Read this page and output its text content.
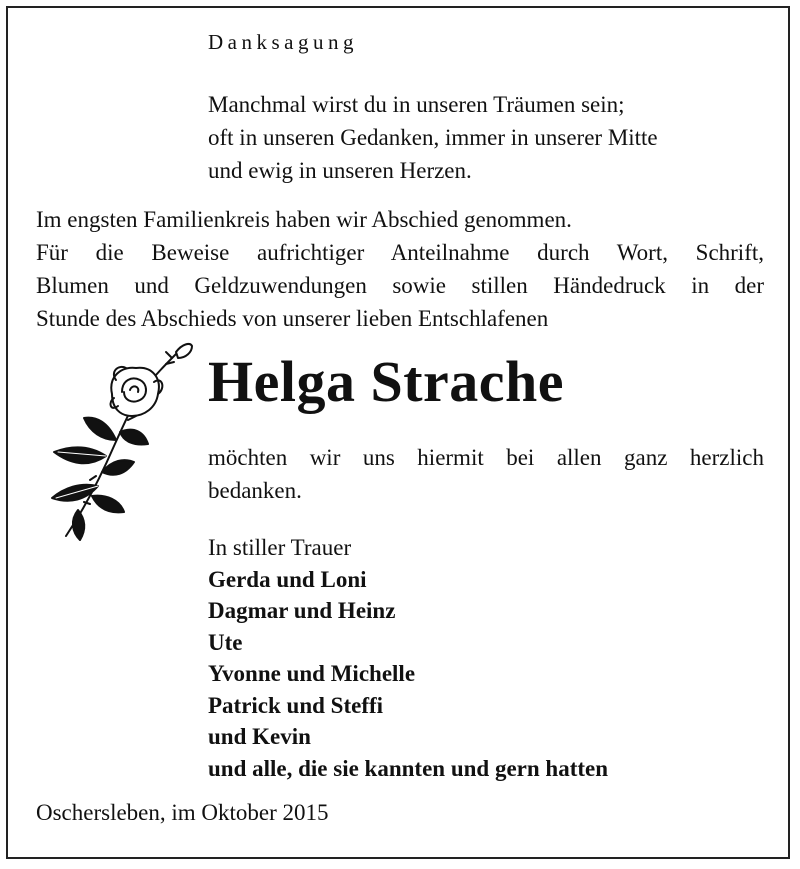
Danksagung
Manchmal wirst du in unseren Träumen sein;
oft in unseren Gedanken, immer in unserer Mitte
und ewig in unseren Herzen.
Im engsten Familienkreis haben wir Abschied genommen.
Für die Beweise aufrichtiger Anteilnahme durch Wort, Schrift,
Blumen und Geldzuwendungen sowie stillen Händedruck in der
Stunde des Abschieds von unserer lieben Entschlafenen
Helga Strache
möchten wir uns hiermit bei allen ganz herzlich
bedanken.
In stiller Trauer
Gerda und Loni
Dagmar und Heinz
Ute
Yvonne und Michelle
Patrick und Steffi
und Kevin
und alle, die sie kannten und gern hatten
Oschersleben, im Oktober 2015
